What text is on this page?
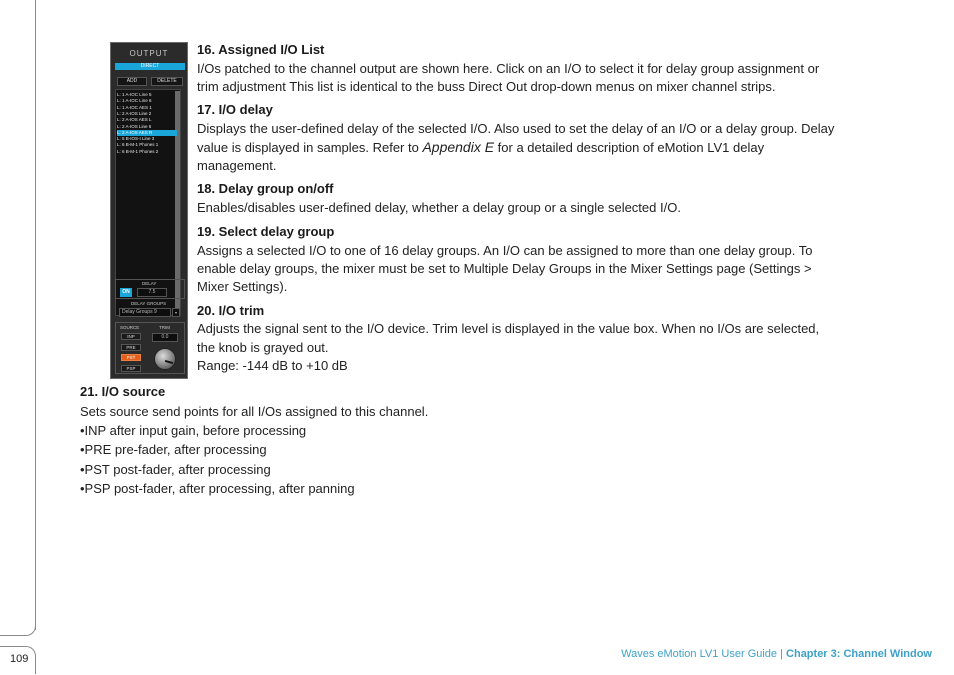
109
OUTPUT
DIRECT
ADD	DELETE
L: 1 A-IOC Line 5
L: 1 A-IOC Line 6
L: 1 A-IOC AES 1
L: 2 A-IOS Line 2
L: 2 A-IOS AES L
L: 2 A-IOS Line 6
L: 2 A-IOS AES R
L: 5 B-IOS-I Line 3
L: 6 B-M-1 Phones 1
L: 6 B-M-1 Phones 2
DELAY
ON	7.5
DELAY GROUPS
Delay Groups 9	▾
SOURCE	TRIM
0.0
INP
PRE
PST
PSP
16. Assigned I/O List
I/Os patched to the channel output are shown here. Click on an I/O to select it for delay group assignment or
trim adjustment This list is identical to the buss Direct Out drop-down menus on mixer channel strips.
17. I/O delay
Displays the user-defined delay of the selected I/O. Also used to set the delay of an I/O or a delay group. Delay
value is displayed in samples. Refer to Appendix E for a detailed description of eMotion LV1 delay
management.
18. Delay group on/off
Enables/disables user-defined delay, whether a delay group or a single selected I/O.
19. Select delay group
Assigns a selected I/O to one of 16 delay groups. An I/O can be assigned to more than one delay group. To
enable delay groups, the mixer must be set to Multiple Delay Groups in the Mixer Settings page (Settings >
Mixer Settings).
20. I/O trim
Adjusts the signal sent to the I/O device. Trim level is displayed in the value box. When no I/Os are selected,
the knob is grayed out.
Range: -144 dB to +10 dB
21. I/O source
Sets source send points for all I/Os assigned to this channel.
•INP after input gain, before processing
•PRE pre-fader, after processing
•PST post-fader, after processing
•PSP post-fader, after processing, after panning
Waves eMotion LV1 User Guide | Chapter 3: Channel Window
